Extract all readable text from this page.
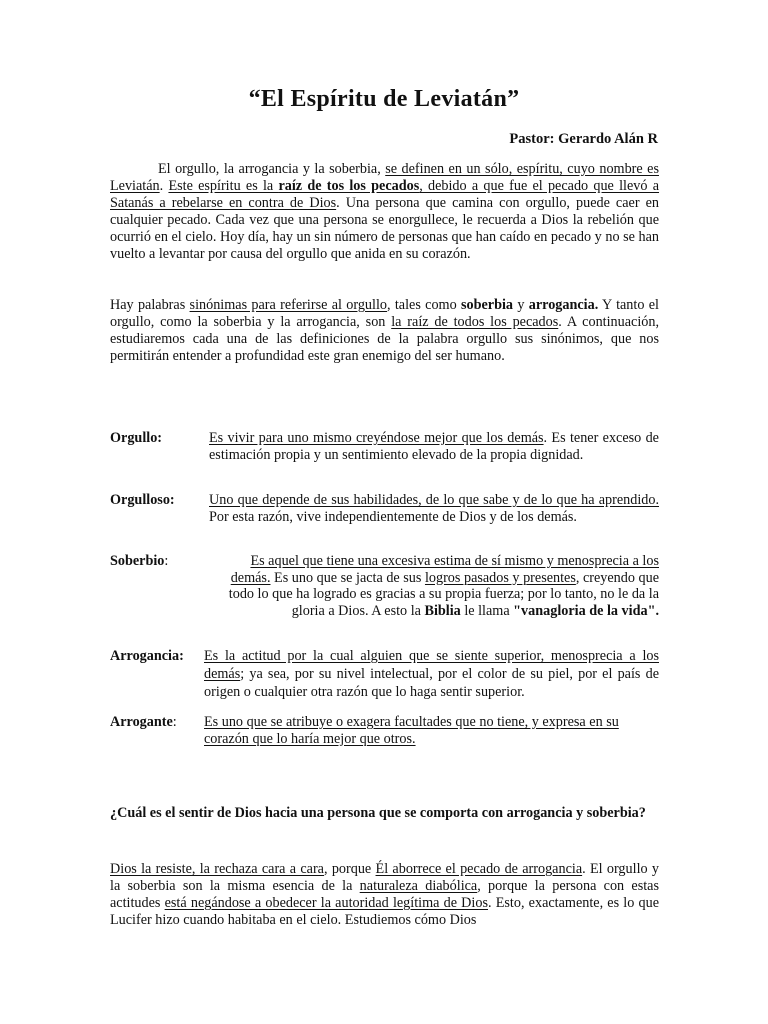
“El Espíritu de Leviatán”
Pastor: Gerardo Alán R

El orgullo, la arrogancia y la soberbia, se definen en un sólo, espíritu, cuyo nombre es Leviatán. Este espíritu es la raíz de tos los pecados, debido a que fue el pecado que llevó a Satanás a rebelarse en contra de Dios. Una persona que camina con orgullo, puede caer en cualquier pecado. Cada vez que una persona se enorgullece, le recuerda a Dios la rebelión que ocurrió en el cielo. Hoy día, hay un sin número de personas que han caído en pecado y no se han vuelto a levantar por causa del orgullo que anida en su corazón.

Hay palabras sinónimas para referirse al orgullo, tales como soberbia y arrogancia. Y tanto el orgullo, como la soberbia y la arrogancia, son la raíz de todos los pecados. A continuación, estudiaremos cada una de las definiciones de la palabra orgullo sus sinónimos, que nos permitirán entender a profundidad este gran enemigo del ser humano.

Orgullo:	Es vivir para uno mismo creyéndose mejor que los demás. Es tener exceso de estimación propia y un sentimiento elevado de la propia dignidad.
Orgulloso: Uno que depende de sus habilidades, de lo que sabe y de lo que ha aprendido. Por esta razón, vive independientemente de Dios y de los demás.
Soberbio:	Es aquel que tiene una excesiva estima de sí mismo y menosprecia a los demás. Es uno que se jacta de sus logros pasados y presentes, creyendo que todo lo que ha logrado es gracias a su propia fuerza; por lo tanto, no le da la gloria a Dios. A esto la Biblia le llama "vanagloria de la vida".
Arrogancia: Es la actitud por la cual alguien que se siente superior, menosprecia a los demás; ya sea, por su nivel intelectual, por el color de su piel, por el país de origen o cualquier otra razón que lo haga sentir superior.
Arrogante: Es uno que se atribuye o exagera facultades que no tiene, y expresa en su corazón que lo haría mejor que otros.

¿Cuál es el sentir de Dios hacia una persona que se comporta con arrogancia y soberbia?

Dios la resiste, la rechaza cara a cara, porque Él aborrece el pecado de arrogancia. El orgullo y la soberbia son la misma esencia de la naturaleza diabólica, porque la persona con estas actitudes está negándose a obedecer la autoridad legítima de Dios. Esto, exactamente, es lo que Lucifer hizo cuando habitaba en el cielo. Estudiemos cómo Dios
